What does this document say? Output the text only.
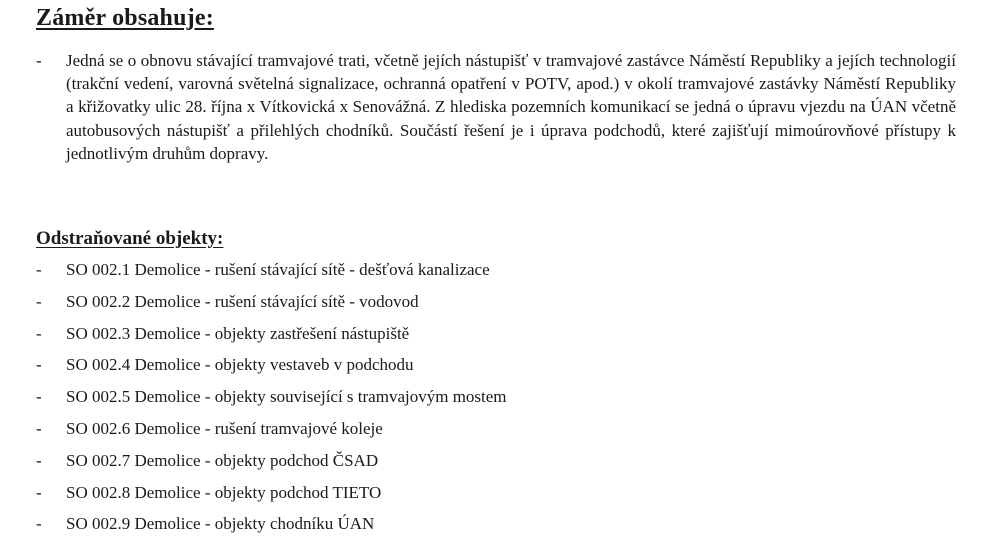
Záměr obsahuje:
- Jedná se o obnovu stávající tramvajové trati, včetně jejích nástupišť v tramvajové zastávce Náměstí Republiky a jejích technologií (trakční vedení, varovná světelná signalizace, ochranná opatření v POTV, apod.) v okolí tramvajové zastávky Náměstí Republiky a křižovatky ulic 28. října x Vítkovická x Senovážná. Z hlediska pozemních komunikací se jedná o úpravu vjezdu na ÚAN včetně autobusových nástupišť a přilehlých chodníků. Součástí řešení je i úprava podchodů, které zajišťují mimoúrovňové přístupy k jednotlivým druhům dopravy.
Odstraňované objekty:
- SO 002.1 Demolice - rušení stávající sítě - dešťová kanalizace
- SO 002.2 Demolice - rušení stávající sítě - vodovod
- SO 002.3 Demolice - objekty zastřešení nástupiště
- SO 002.4 Demolice - objekty vestaveb v podchodu
- SO 002.5 Demolice - objekty související s tramvajovým mostem
- SO 002.6 Demolice - rušení tramvajové koleje
- SO 002.7 Demolice - objekty podchod ČSAD
- SO 002.8 Demolice - objekty podchod TIETO
- SO 002.9 Demolice - objekty chodníku ÚAN
